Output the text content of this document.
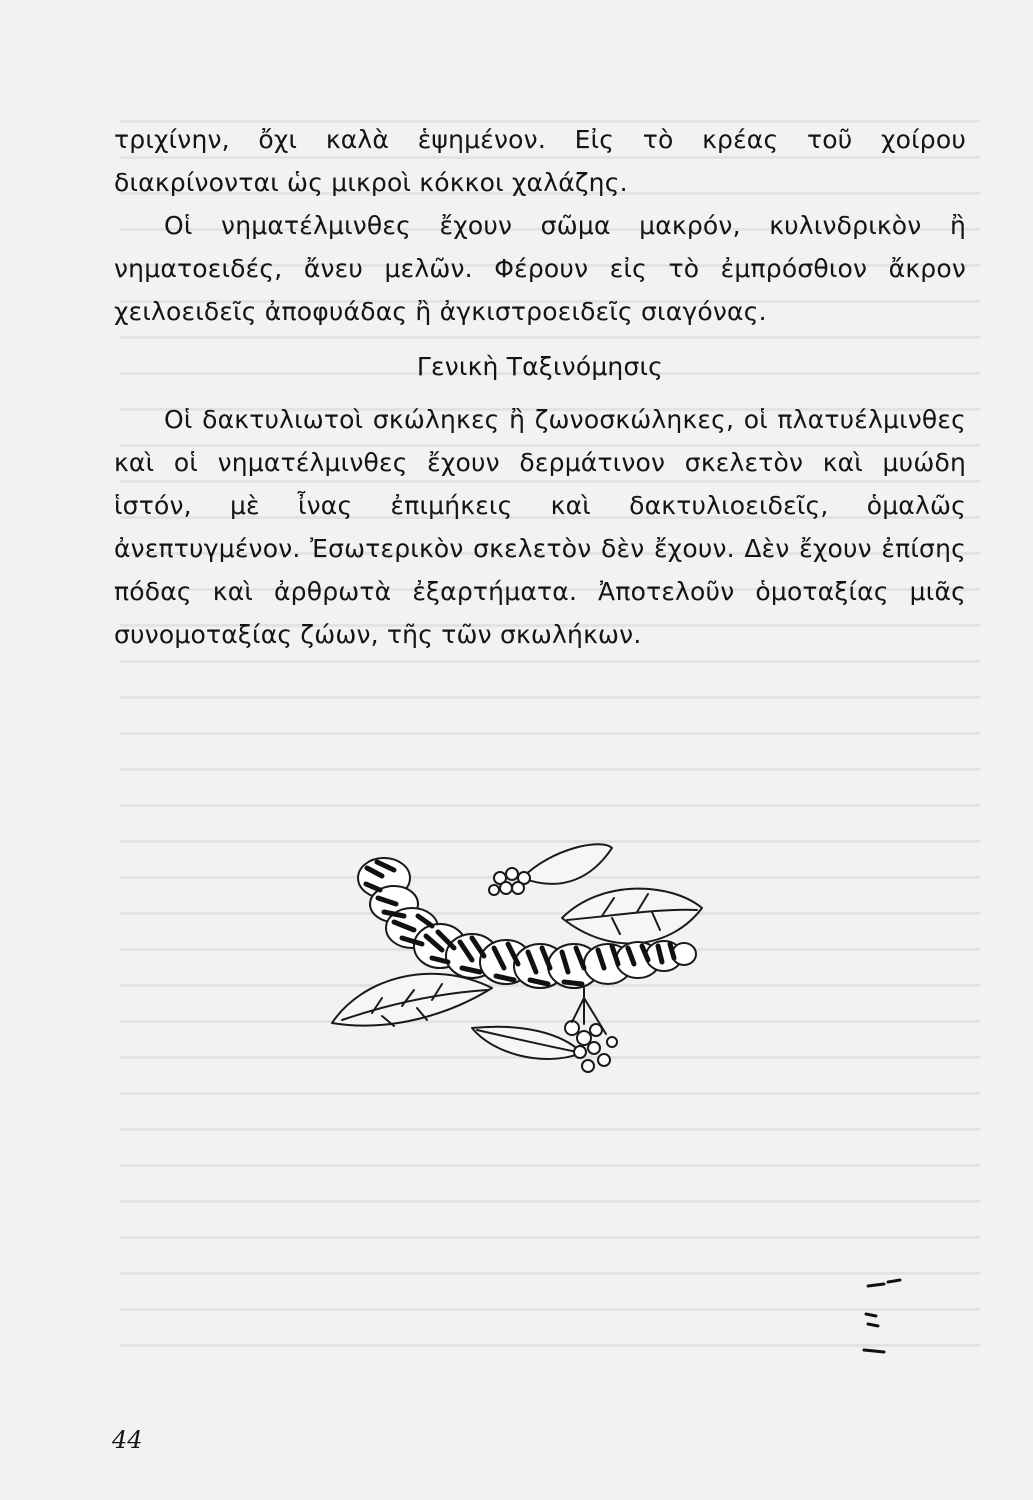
τριχίνην, ὄχι καλὰ ἑψημένον. Εἰς τὸ κρέας τοῦ χοίρου διακρίνονται ὡς μικροὶ κόκκοι χαλάζης.

Οἱ νηματέλμινθες ἔχουν σῶμα μακρόν, κυλινδρικὸν ἢ νηματοειδές, ἄνευ μελῶν. Φέρουν εἰς τὸ ἐμπρόσθιον ἄκρον χειλοειδεῖς ἀποφυάδας ἢ ἀγκιστροειδεῖς σιαγόνας.

Γενικὴ Ταξινόμησις

Οἱ δακτυλιωτοὶ σκώληκες ἢ ζωνοσκώληκες, οἱ πλατυέλμινθες καὶ οἱ νηματέλμινθες ἔχουν δερμάτινον σκελετὸν καὶ μυώδη ἱστόν, μὲ ἶνας ἐπιμήκεις καὶ δακτυλιοειδεῖς, ὁμαλῶς ἀνεπτυγμένον. Ἐσωτερικὸν σκελετὸν δὲν ἔχουν. Δὲν ἔχουν ἐπίσης πόδας καὶ ἀρθρωτὰ ἐξαρτήματα. Ἀποτελοῦν ὁμοταξίας μιᾶς συνομοταξίας ζώων, τῆς τῶν σκωλήκων.

44
